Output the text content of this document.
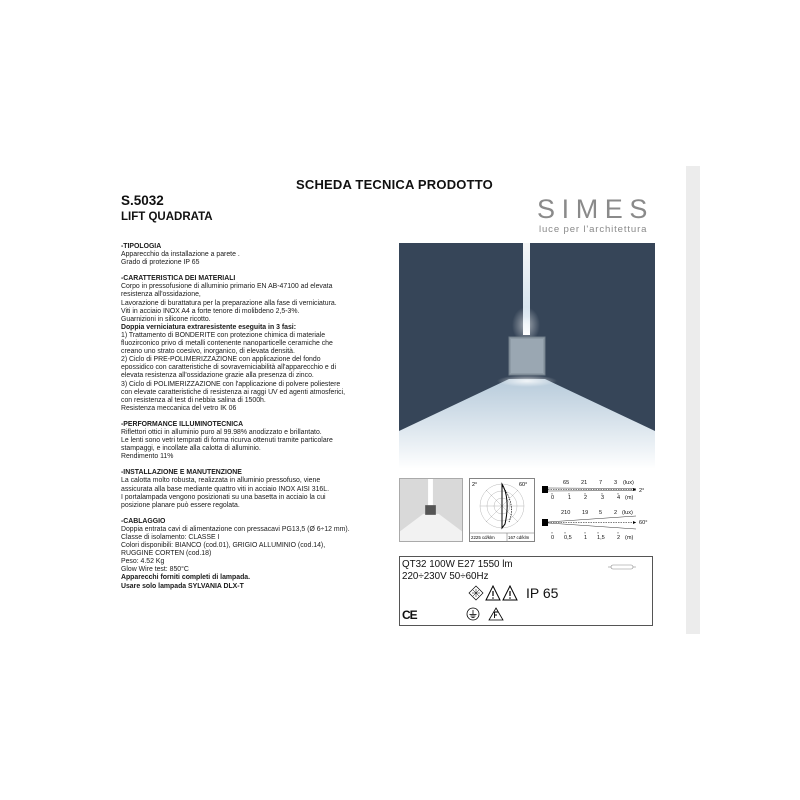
SCHEDA TECNICA PRODOTTO
S.5032
LIFT QUADRATA	SIMES
luce per l'architettura
-TIPOLOGIA
Apparecchio da installazione a parete .
Grado di protezione IP 65
-CARATTERISTICA DEI MATERIALI
Corpo in pressofusione di alluminio primario EN AB-47100 ad elevata
resistenza all'ossidazione,
Lavorazione di burattatura per la preparazione alla fase di verniciatura.
Viti in acciaio INOX A4 a forte tenore di molibdeno 2,5-3%.
Guarnizioni in silicone ricotto.
Doppia verniciatura extraresistente eseguita in 3 fasi:
1) Trattamento di BONDERITE con protezione chimica di materiale
fluozirconico privo di metalli contenente nanoparticelle ceramiche che
creano uno strato coesivo, inorganico, di elevata densità.
2) Ciclo di PRE-POLIMERIZZAZIONE con applicazione del fondo
epossidico con caratteristiche di sovraverniciabilità all'apparecchio e di
elevata resistenza all'ossidazione grazie alla presenza di zinco.
3) Ciclo di POLIMERIZZAZIONE con l'applicazione di polvere poliestere
con elevate caratteristiche di resistenza ai raggi UV ed agenti atmosferici,
con resistenza al test di nebbia salina di 1500h.
Resistenza meccanica del vetro IK 06
-PERFORMANCE ILLUMINOTECNICA
Riflettori ottici in alluminio puro al 99.98% anodizzato e brillantato.
Le lenti sono vetri temprati di forma ricurva ottenuti tramite particolare
stampaggi, e incollate alla calotta di alluminio.
Rendimento 11%
-INSTALLAZIONE E MANUTENZIONE
La calotta molto robusta, realizzata in alluminio pressofuso, viene
assicurata alla base mediante quattro viti in acciaio INOX AISI 316L.
I portalampada vengono posizionati su una basetta in acciaio la cui
posizione planare può essere regolata.
-CABLAGGIO
Doppia entrata cavi di alimentazione con pressacavi PG13,5 (Ø 6÷12 mm).
Classe di isolamento: CLASSE I
Colori disponibili: BIANCO (cod.01), GRIGIO ALLUMINIO (cod.14),
RUGGINE CORTEN (cod.18)
Peso: 4.52 Kg
Glow Wire test: 850°C
Apparecchi forniti completi di lampada.
Usare solo lampada SYLVANIA DLX-T
2°	60°
2225 cd/klm	167 cd/klm
65 21 7 3 (lux)
2°
0 1 2 3 4 (m)
210 19 5 2 (lux)
60°
0 0,5 1 1,5 2 (m)
QT32 100W E27 1550 lm
220÷230V 50÷60Hz
IP 65
CE
